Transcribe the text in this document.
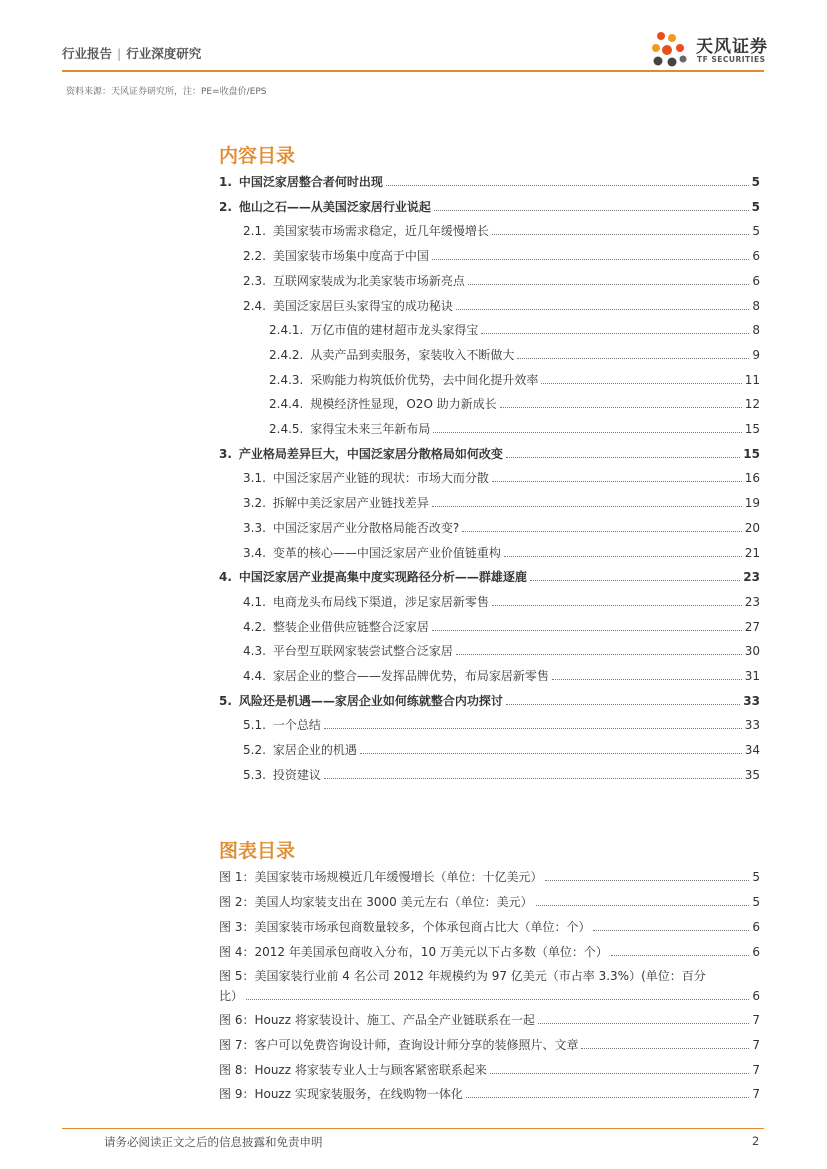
行业报告 | 行业深度研究	天风证券
TF SECURITIES
资料来源：天风证券研究所，注：PE=收盘价/EPS
内容目录
1. 中国泛家居整合者何时出现	5
2. 他山之石——从美国泛家居行业说起	5
2.1. 美国家装市场需求稳定，近几年缓慢增长	5
2.2. 美国家装市场集中度高于中国	6
2.3. 互联网家装成为北美家装市场新亮点	6
2.4. 美国泛家居巨头家得宝的成功秘诀	8
2.4.1. 万亿市值的建材超市龙头家得宝	8
2.4.2. 从卖产品到卖服务，家装收入不断做大	9
2.4.3. 采购能力构筑低价优势，去中间化提升效率	11
2.4.4. 规模经济性显现，O2O 助力新成长	12
2.4.5. 家得宝未来三年新布局	15
3. 产业格局差异巨大，中国泛家居分散格局如何改变	15
3.1. 中国泛家居产业链的现状：市场大而分散	16
3.2. 拆解中美泛家居产业链找差异	19
3.3. 中国泛家居产业分散格局能否改变?	20
3.4. 变革的核心——中国泛家居产业价值链重构	21
4. 中国泛家居产业提高集中度实现路径分析——群雄逐鹿	23
4.1. 电商龙头布局线下渠道，涉足家居新零售	23
4.2. 整装企业借供应链整合泛家居	27
4.3. 平台型互联网家装尝试整合泛家居	30
4.4. 家居企业的整合——发挥品牌优势，布局家居新零售	31
5. 风险还是机遇——家居企业如何练就整合内功探讨	33
5.1. 一个总结	33
5.2. 家居企业的机遇	34
5.3. 投资建议	35
图表目录
图 1： 美国家装市场规模近几年缓慢增长（单位：十亿美元）	5
图 2： 美国人均家装支出在 3000 美元左右（单位：美元）	5
图 3： 美国家装市场承包商数量较多，个体承包商占比大（单位：个）	6
图 4： 2012 年美国承包商收入分布，10 万美元以下占多数（单位：个）	6
图 5： 美国家装行业前 4 名公司 2012 年规模约为 97 亿美元（市占率 3.3%）(单位：百分
比）	6
图 6： Houzz 将家装设计、施工、产品全产业链联系在一起	7
图 7： 客户可以免费咨询设计师，查询设计师分享的装修照片、文章	7
图 8： Houzz 将家装专业人士与顾客紧密联系起来	7
图 9： Houzz 实现家装服务，在线购物一体化	7
请务必阅读正文之后的信息披露和免责申明	2
